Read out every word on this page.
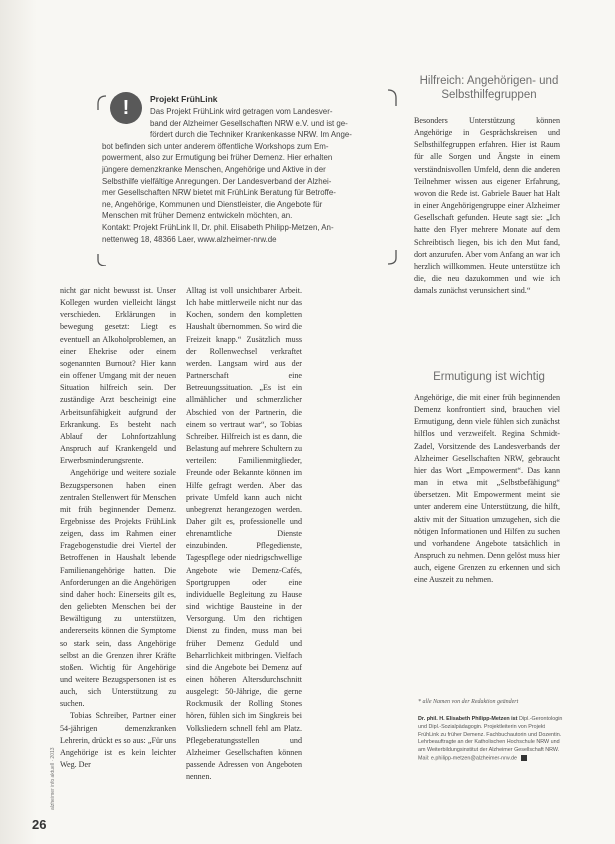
!	Projekt FrühLink

Das Projekt FrühLink wird getragen vom Landesver-

band der Alzheimer Gesellschaften NRW e.V. und ist ge-

fördert durch die Techniker Krankenkasse NRW. Im Ange-

bot befinden sich unter anderem öffentliche Workshops zum Em-

powerment, also zur Ermutigung bei früher Demenz. Hier erhalten

jüngere demenzkranke Menschen, Angehörige und Aktive in der

Selbsthilfe vielfältige Anregungen. Der Landesverband der Alzhei-

mer Gesellschaften NRW bietet mit FrühLink Beratung für Betroffe-

ne, Angehörige, Kommunen und Dienstleister, die Angebote für

Menschen mit früher Demenz entwickeln möchten, an.

Kontakt: Projekt FrühLink II, Dr. phil. Elisabeth Philipp-Metzen, An-

nettenweg 18, 48366 Laer, www.alzheimer-nrw.de

nicht gar nicht bewusst ist. Unser Kollegen wurden vielleicht längst verschieden. Erklärungen in bewegung gesetzt: Liegt es eventuell an Alkoholproblemen, an einer Ehekrise oder einem sogenannten Burnout? Hier kann ein offener Umgang mit der neuen Situation hilfreich sein. Der zuständige Arzt bescheinigt eine Arbeitsunfähigkeit aufgrund der Erkrankung. Es besteht nach Ablauf der Lohnfortzahlung Anspruch auf Krankengeld und Erwerbsminderungsrente.

Angehörige und weitere soziale Bezugspersonen haben einen zentralen Stellenwert für Menschen mit früh beginnender Demenz. Ergebnisse des Projekts FrühLink zeigen, dass im Rahmen einer Fragebogenstudie drei Viertel der Betroffenen in Haushalt lebende Familienangehörige hatten. Die Anforderungen an die Angehörigen sind daher hoch: Einerseits gilt es, den geliebten Menschen bei der Bewältigung zu unterstützen, andererseits können die Symptome so stark sein, dass Angehörige selbst an die Grenzen ihrer Kräfte stoßen. Wichtig für Angehörige und weitere Bezugspersonen ist es auch, sich Unterstützung zu suchen.

Tobias Schreiber, Partner einer 54-jährigen demenzkranken Lehrerin, drückt es so aus: „Für uns Angehörige ist es kein leichter Weg. Der

Alltag ist voll unsichtbarer Arbeit. Ich habe mittlerweile nicht nur das Kochen, sondern den kompletten Haushalt übernommen. So wird die Freizeit knapp.“ Zusätzlich muss der Rollenwechsel verkraftet werden. Langsam wird aus der Partnerschaft eine Betreuungssituation. „Es ist ein allmählicher und schmerzlicher Abschied von der Partnerin, die einem so vertraut war“, so Tobias Schreiber. Hilfreich ist es dann, die Belastung auf mehrere Schultern zu verteilen: Familienmitglieder, Freunde oder Bekannte können im Hilfe gefragt werden. Aber das private Umfeld kann auch nicht unbegrenzt herangezogen werden. Daher gilt es, professionelle und ehrenamtliche Dienste einzubinden. Pflegedienste, Tagespflege oder niedrigschwellige Angebote wie Demenz-Cafés, Sportgruppen oder eine individuelle Begleitung zu Hause sind wichtige Bausteine in der Versorgung. Um den richtigen Dienst zu finden, muss man bei früher Demenz Geduld und Beharrlichkeit mitbringen. Vielfach sind die Angebote bei Demenz auf einen höheren Altersdurchschnitt ausgelegt: 50-Jährige, die gerne Rockmusik der Rolling Stones hören, fühlen sich im Singkreis bei Volksliedern schnell fehl am Platz. Pflegeberatungsstellen und Alzheimer Gesellschaften können passende Adressen von Angeboten nennen.

Hilfreich: Angehörigen- und Selbsthilfegruppen

Besonders Unterstützung können Angehörige in Gesprächskreisen und Selbsthilfegruppen erfahren. Hier ist Raum für alle Sorgen und Ängste in einem verständnisvollen Umfeld, denn die anderen Teilnehmer wissen aus eigener Erfahrung, wovon die Rede ist. Gabriele Bauer hat Halt in einer Angehörigengruppe einer Alzheimer Gesellschaft gefunden. Heute sagt sie: „Ich hatte den Flyer mehrere Monate auf dem Schreibtisch liegen, bis ich den Mut fand, dort anzurufen. Aber vom Anfang an war ich herzlich willkommen. Heute unterstütze ich die, die neu dazukommen und wie ich damals zunächst verunsichert sind.“

Ermutigung ist wichtig

Angehörige, die mit einer früh beginnenden Demenz konfrontiert sind, brauchen viel Ermutigung, denn viele fühlen sich zunächst hilflos und verzweifelt. Regina Schmidt-Zadel, Vorsitzende des Landesverbands der Alzheimer Gesellschaften NRW, gebraucht hier das Wort „Empowerment“. Das kann man in etwa mit „Selbstbefähigung“ übersetzen. Mit Empowerment meint sie unter anderem eine Unterstützung, die hilft, aktiv mit der Situation umzugehen, sich die nötigen Informationen und Hilfen zu suchen und vorhandene Angebote tatsächlich in Anspruch zu nehmen. Denn gelöst muss hier auch, eigene Grenzen zu erkennen und sich eine Auszeit zu nehmen.

* alle Namen von der Redaktion geändert
Dr. phil. H. Elisabeth Philipp-Metzen ist Dipl.-Gerontologin und Dipl.-Sozialpädagogin. Projektleiterin von Projekt FrühLink zu früher Demenz. Fachbuchautorin und Dozentin. Lehrbeauftragte an der Katholischen Hochschule NRW und am Weiterbildungsinstitut der Alzheimer Gesellschaft NRW. Mail: e.philipp-metzen@alzheimer-nrw.de
26
alzheimer info aktuell · 2013
